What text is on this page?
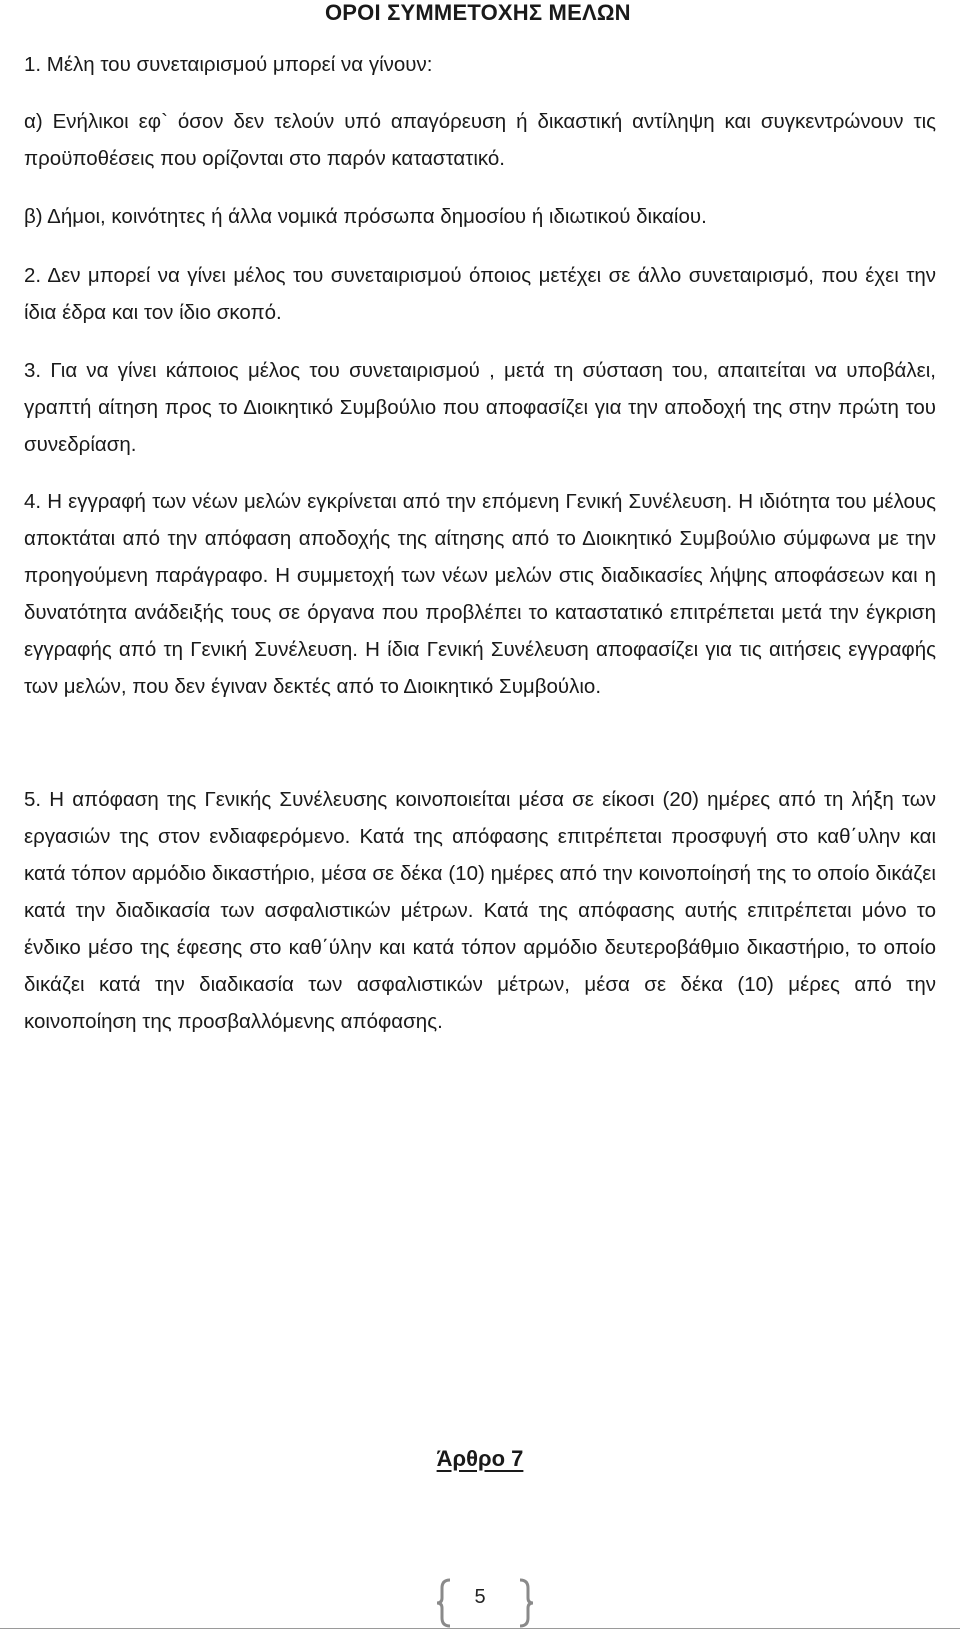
ΟΡΟΙ ΣΥΜΜΕΤΟΧΗΣ ΜΕΛΩΝ

1. Μέλη του συνεταιρισμού μπορεί να γίνουν:

α) Ενήλικοι εφ` όσον δεν τελούν υπό απαγόρευση ή δικαστική αντίληψη και συγκεντρώνουν τις προϋποθέσεις που ορίζονται στο παρόν καταστατικό.

β) Δήμοι, κοινότητες ή άλλα νομικά πρόσωπα δημοσίου ή ιδιωτικού δικαίου.

2. Δεν μπορεί να γίνει μέλος του συνεταιρισμού όποιος μετέχει σε άλλο συνεταιρισμό, που έχει την ίδια έδρα και τον ίδιο σκοπό.

3. Για να γίνει κάποιος μέλος του συνεταιρισμού , μετά τη σύσταση του, απαιτείται να υποβάλει, γραπτή αίτηση προς το Διοικητικό Συμβούλιο που αποφασίζει για την αποδοχή της στην πρώτη του συνεδρίαση.

4. Η εγγραφή των νέων μελών εγκρίνεται από την επόμενη Γενική Συνέλευση. Η ιδιότητα του μέλους αποκτάται από την απόφαση αποδοχής της αίτησης από το Διοικητικό Συμβούλιο σύμφωνα με την προηγούμενη παράγραφο. Η συμμετοχή των νέων μελών στις διαδικασίες λήψης αποφάσεων και η δυνατότητα ανάδειξής τους σε όργανα που προβλέπει το καταστατικό επιτρέπεται μετά την έγκριση εγγραφής από τη Γενική Συνέλευση. Η ίδια Γενική Συνέλευση αποφασίζει για τις αιτήσεις εγγραφής των μελών, που δεν έγιναν δεκτές από το Διοικητικό Συμβούλιο.

5. Η απόφαση της Γενικής Συνέλευσης κοινοποιείται μέσα σε είκοσι (20) ημέρες από τη λήξη των εργασιών της στον ενδιαφερόμενο. Κατά της απόφασης επιτρέπεται προσφυγή στο καθ΄υλην και κατά τόπον αρμόδιο δικαστήριο, μέσα σε δέκα (10) ημέρες από την κοινοποίησή της το οποίο δικάζει κατά την διαδικασία των ασφαλιστικών μέτρων. Κατά της απόφασης αυτής επιτρέπεται μόνο το ένδικο μέσο της έφεσης στο καθ΄ύλην και κατά τόπον αρμόδιο δευτεροβάθμιο δικαστήριο, το οποίο δικάζει κατά την διαδικασία των ασφαλιστικών μέτρων, μέσα σε δέκα (10) μέρες από την κοινοποίηση της προσβαλλόμενης απόφασης.

Άρθρο 7
5
